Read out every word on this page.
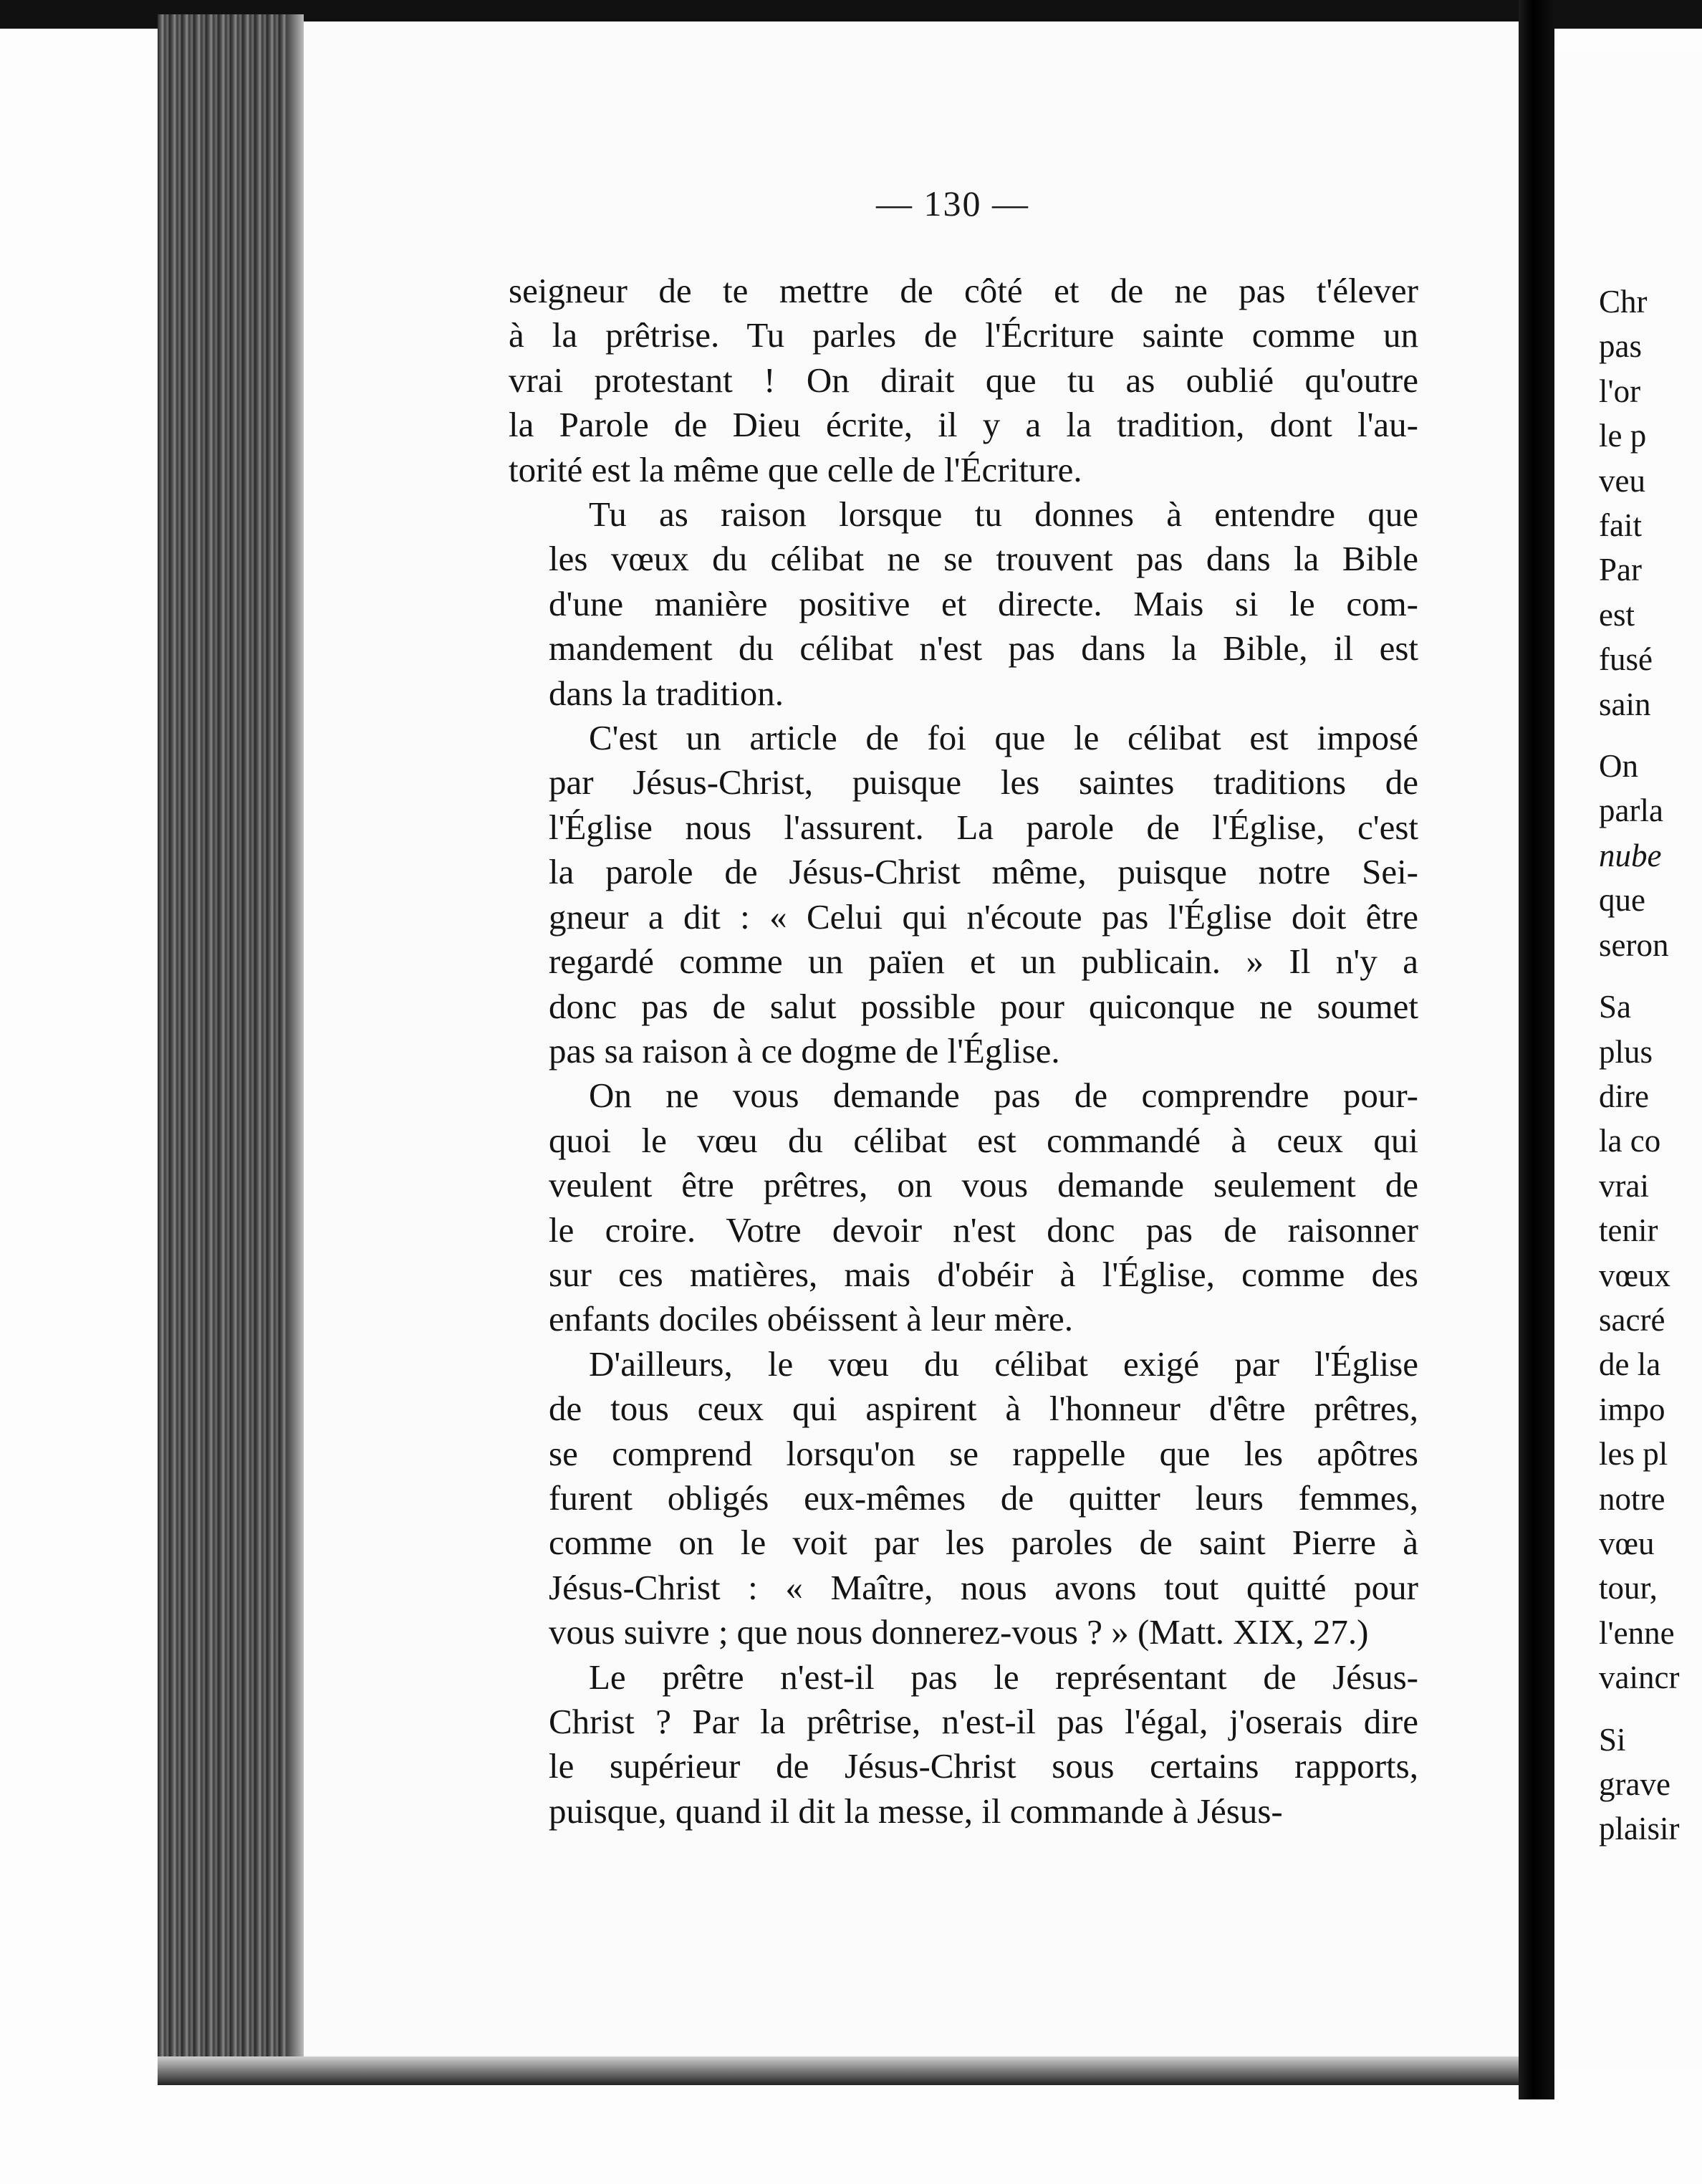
— 130 —
seigneur de te mettre de côté et de ne pas t'élever
à la prêtrise. Tu parles de l'Écriture sainte comme un
vrai protestant ! On dirait que tu as oublié qu'outre
la Parole de Dieu écrite, il y a la tradition, dont l'au-
torité est la même que celle de l'Écriture.
Tu as raison lorsque tu donnes à entendre que
les vœux du célibat ne se trouvent pas dans la Bible
d'une manière positive et directe. Mais si le com-
mandement du célibat n'est pas dans la Bible, il est
dans la tradition.
C'est un article de foi que le célibat est imposé
par Jésus-Christ, puisque les saintes traditions de
l'Église nous l'assurent. La parole de l'Église, c'est
la parole de Jésus-Christ même, puisque notre Sei-
gneur a dit : « Celui qui n'écoute pas l'Église doit être
regardé comme un païen et un publicain. » Il n'y a
donc pas de salut possible pour quiconque ne soumet
pas sa raison à ce dogme de l'Église.
On ne vous demande pas de comprendre pour-
quoi le vœu du célibat est commandé à ceux qui
veulent être prêtres, on vous demande seulement de
le croire. Votre devoir n'est donc pas de raisonner
sur ces matières, mais d'obéir à l'Église, comme des
enfants dociles obéissent à leur mère.
D'ailleurs, le vœu du célibat exigé par l'Église
de tous ceux qui aspirent à l'honneur d'être prêtres,
se comprend lorsqu'on se rappelle que les apôtres
furent obligés eux-mêmes de quitter leurs femmes,
comme on le voit par les paroles de saint Pierre à
Jésus-Christ : « Maître, nous avons tout quitté pour
vous suivre ; que nous donnerez-vous ? » (Matt. XIX, 27.)
Le prêtre n'est-il pas le représentant de Jésus-
Christ ? Par la prêtrise, n'est-il pas l'égal, j'oserais dire
le supérieur de Jésus-Christ sous certains rapports,
puisque, quand il dit la messe, il commande à Jésus-
Chr
pas
l'or
le p
veu
fait
Par
est
fusé
sain
On
parla
nube
que
seron
Sa
plus
dire
la co
vrai
tenir
vœux
sacré
de la
impo
les pl
notre
vœu
tour,
l'enne
vaincr
Si
grave
plaisir
